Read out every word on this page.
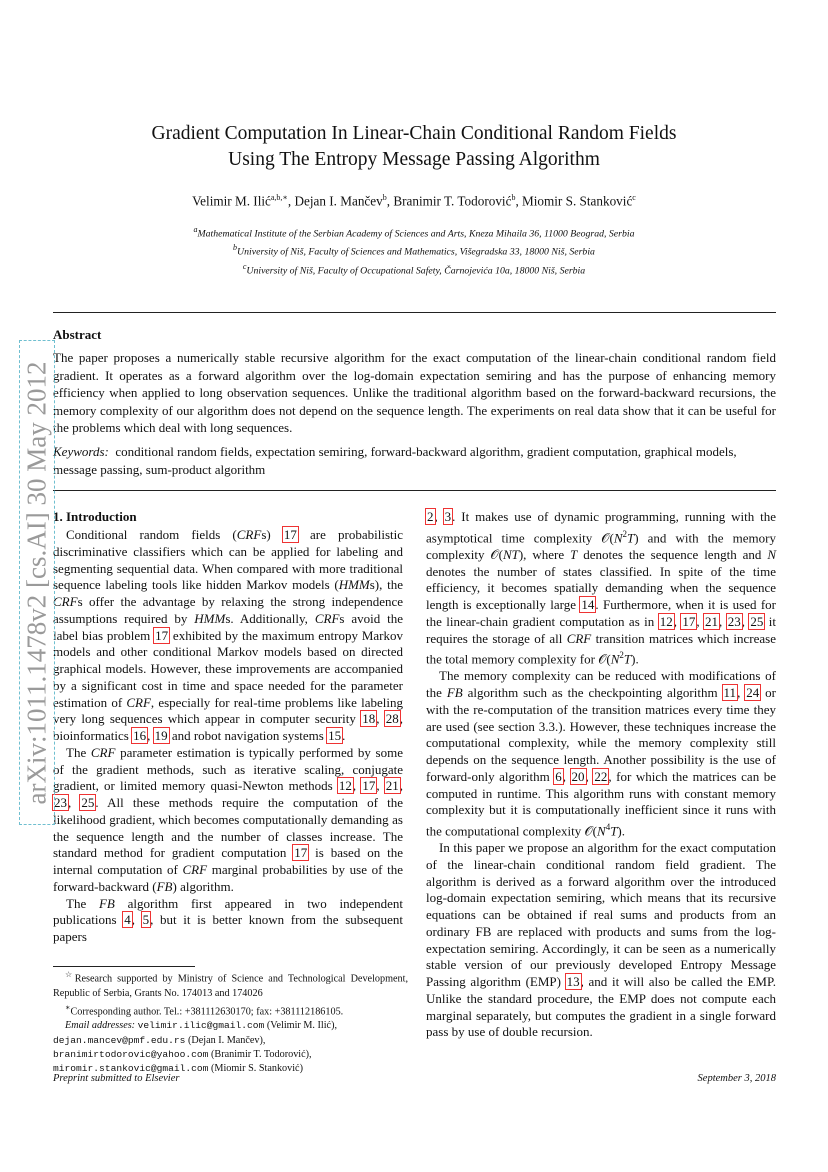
Gradient Computation In Linear-Chain Conditional Random Fields
Using The Entropy Message Passing Algorithm
Velimir M. Ilić$^{a,b,∗}$, Dejan I. Mančev$^b$, Branimir T. Todorović$^b$, Miomir S. Stanković$^c$
$^a$Mathematical Institute of the Serbian Academy of Sciences and Arts, Kneza Mihaila 36, 11000 Beograd, Serbia
$^b$University of Niš, Faculty of Sciences and Mathematics, Višegradska 33, 18000 Niš, Serbia
$^c$University of Niš, Faculty of Occupational Safety, Čarnojevića 10a, 18000 Niš, Serbia
Abstract
The paper proposes a numerically stable recursive algorithm for the exact computation of the linear-chain conditional random field gradient. It operates as a forward algorithm over the log-domain expectation semiring and has the purpose of enhancing memory efficiency when applied to long observation sequences. Unlike the traditional algorithm based on the forward-backward recursions, the memory complexity of our algorithm does not depend on the sequence length. The experiments on real data show that it can be useful for the problems which deal with long sequences.
Keywords: conditional random fields, expectation semiring, forward-backward algorithm, gradient computation, graphical models, message passing, sum-product algorithm
1. Introduction

Conditional random fields (CRFs) 17 are probabilistic discriminative classifiers which can be applied for labeling and segmenting sequential data. When compared with more traditional sequence labeling tools like hidden Markov models (HMMs), the CRFs offer the advantage by relaxing the strong independence assumptions required by HMMs. Additionally, CRFs avoid the label bias problem 17 exhibited by the maximum entropy Markov models and other conditional Markov models based on directed graphical models. However, these improvements are accompanied by a significant cost in time and space needed for the parameter estimation of CRF, especially for real-time problems like labeling very long sequences which appear in computer security 18, 28, bioinformatics 16, 19 and robot navigation systems 15.

The CRF parameter estimation is typically performed by some of the gradient methods, such as iterative scaling, conjugate gradient, or limited memory quasi-Newton methods 12, 17, 21, 23, 25. All these methods require the computation of the likelihood gradient, which becomes computationally demanding as the sequence length and the number of classes increase. The standard method for gradient computation 17 is based on the internal computation of CRF marginal probabilities by use of the forward-backward (FB) algorithm.

The FB algorithm first appeared in two independent publications 4, 5, but it is better known from the subsequent papers

2, 3. It makes use of dynamic programming, running with the asymptotical time complexity $𝒪(N^2T)$ and with the memory complexity 𝒪(NT), where T denotes the sequence length and N denotes the number of states classified. In spite of the time efficiency, it becomes spatially demanding when the sequence length is exceptionally large 14. Furthermore, when it is used for the linear-chain gradient computation as in 12, 17, 21, 23, 25 it requires the storage of all CRF transition matrices which increase the total memory complexity for $𝒪(N^2T)$.

The memory complexity can be reduced with modifications of the FB algorithm such as the checkpointing algorithm 11, 24 or with the re-computation of the transition matrices every time they are used (see section 3.3.). However, these techniques increase the computational complexity, while the memory complexity still depends on the sequence length. Another possibility is the use of forward-only algorithm 6, 20, 22, for which the matrices can be computed in runtime. This algorithm runs with constant memory complexity but it is computationally inefficient since it runs with the computational complexity $𝒪(N^4T)$.

In this paper we propose an algorithm for the exact computation of the linear-chain conditional random field gradient. The algorithm is derived as a forward algorithm over the introduced log-domain expectation semiring, which means that its recursive equations can be obtained if real sums and products from an ordinary FB are replaced with products and sums from the log-expectation semiring. Accordingly, it can be seen as a numerically stable version of our previously developed Entropy Message Passing algorithm (EMP) 13, and it will also be called the EMP. Unlike the standard procedure, the EMP does not compute each marginal separately, but computes the gradient in a single forward pass by use of double recursion.

☆Research supported by Ministry of Science and Technological Development, Republic of Serbia, Grants No. 174013 and 174026

∗Corresponding author. Tel.: +381112630170; fax: +381112186105.

Email addresses: velimir.ilic@gmail.com (Velimir M. Ilić),

dejan.mancev@pmf.edu.rs (Dejan I. Mančev),

branimirtodorovic@yahoo.com (Branimir T. Todorović),

miromir.stankovic@gmail.com (Miomir S. Stanković)

Preprint submitted to Elsevier	September 3, 2018
arXiv:1011.1478v2 [cs.AI] 30 May 2012
